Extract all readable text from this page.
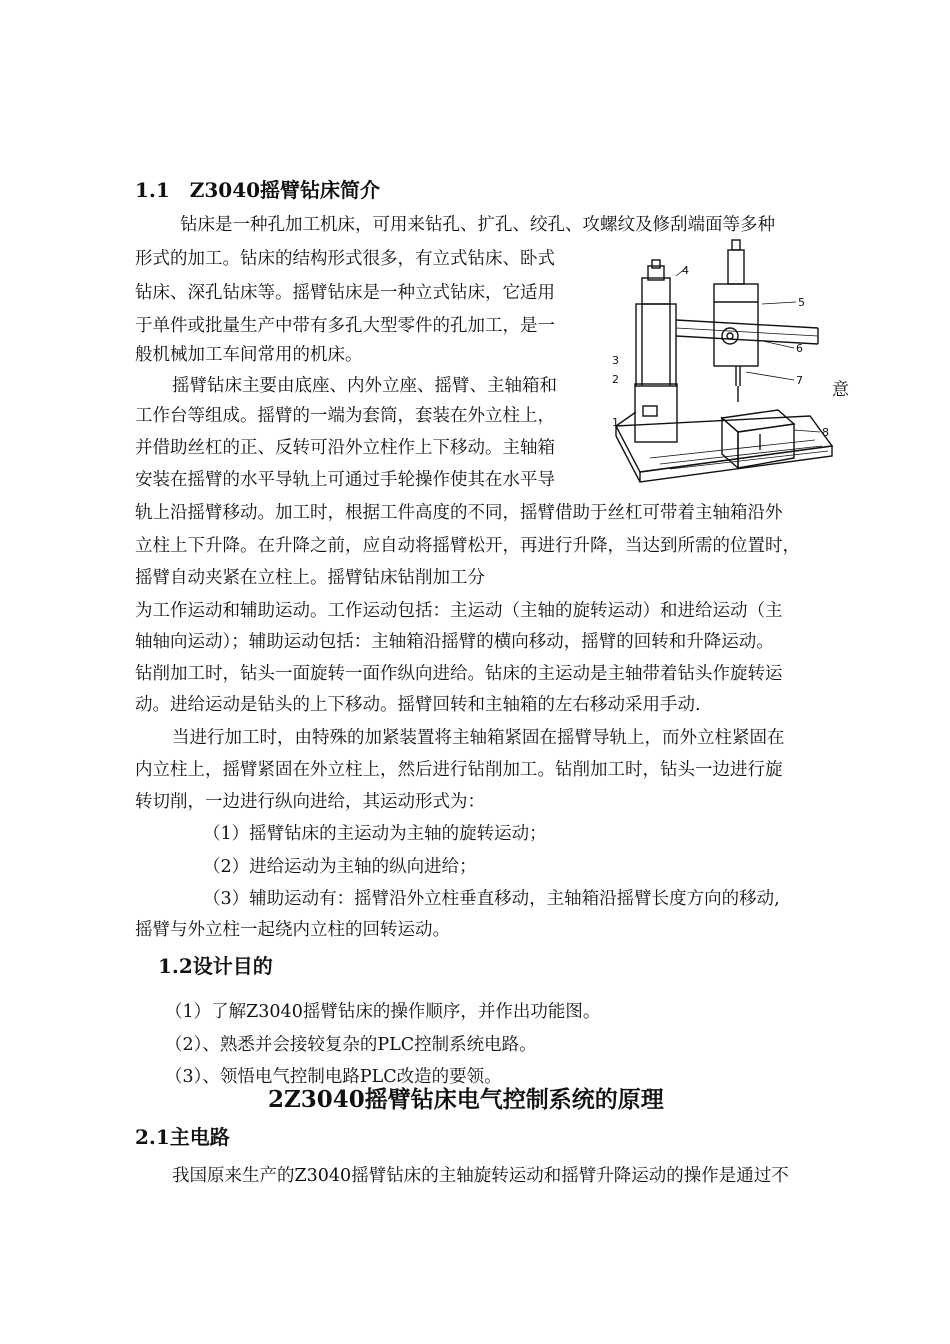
1.1　Z3040摇臂钻床简介

钻床是一种孔加工机床，可用来钻孔、扩孔、绞孔、攻螺纹及修刮端面等多种

形式的加工。钻床的结构形式很多，有立式钻床、卧式

钻床、深孔钻床等。摇臂钻床是一种立式钻床，它适用

于单件或批量生产中带有多孔大型零件的孔加工，是一

般机械加工车间常用的机床。

摇臂钻床主要由底座、内外立座、摇臂、主轴箱和

工作台等组成。摇臂的一端为套筒，套装在外立柱上，

并借助丝杠的正、反转可沿外立柱作上下移动。主轴箱

安装在摇臂的水平导轨上可通过手轮操作使其在水平导

轨上沿摇臂移动。加工时，根据工件高度的不同，摇臂借助于丝杠可带着主轴箱沿外

立柱上下升降。在升降之前，应自动将摇臂松开，再进行升降，当达到所需的位置时，

摇臂自动夹紧在立柱上。摇臂钻床钻削加工分

为工作运动和辅助运动。工作运动包括：主运动（主轴的旋转运动）和进给运动（主

轴轴向运动）；辅助运动包括：主轴箱沿摇臂的横向移动，摇臂的回转和升降运动。

钻削加工时，钻头一面旋转一面作纵向进给。钻床的主运动是主轴带着钻头作旋转运

动。进给运动是钻头的上下移动。摇臂回转和主轴箱的左右移动采用手动.

当进行加工时，由特殊的加紧装置将主轴箱紧固在摇臂导轨上，而外立柱紧固在

内立柱上，摇臂紧固在外立柱上，然后进行钻削加工。钻削加工时，钻头一边进行旋

转切削，一边进行纵向进给，其运动形式为：

（1）摇臂钻床的主运动为主轴的旋转运动；

（2）进给运动为主轴的纵向进给；

（3）辅助运动有：摇臂沿外立柱垂直移动，主轴箱沿摇臂长度方向的移动,

摇臂与外立柱一起绕内立柱的回转运动。

1
2
3
4
5
6
7
8
意
1.2设计目的

（1）了解Z3040摇臂钻床的操作顺序，并作出功能图。

（2）、熟悉并会接较复杂的PLC控制系统电路。

（3）、领悟电气控制电路PLC改造的要领。

2Z3040摇臂钻床电气控制系统的原理
2.1主电路

我国原来生产的Z3040摇臂钻床的主轴旋转运动和摇臂升降运动的操作是通过不
